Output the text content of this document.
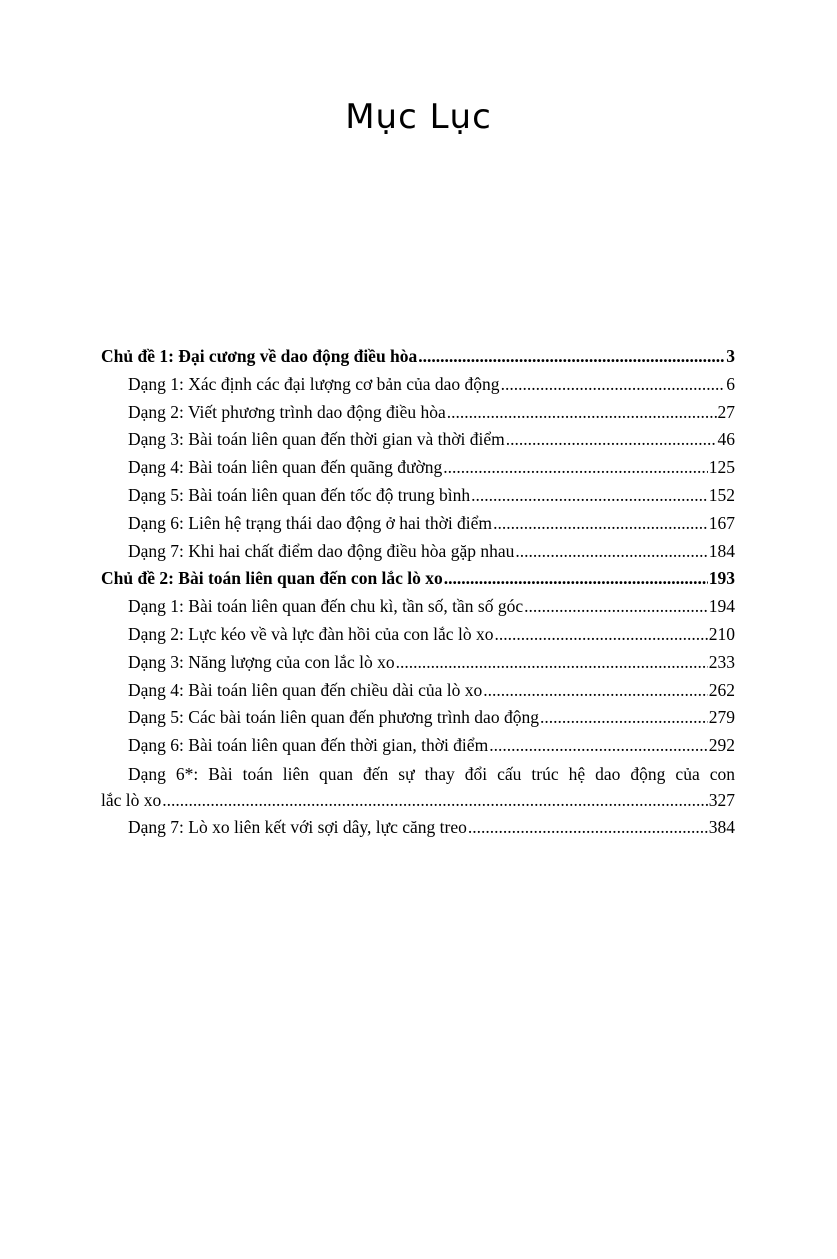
Mục Lục
Chủ đề 1: Đại cương về dao động điều hòa .....	3
Dạng 1: Xác định các đại lượng cơ bản của dao động .....	6
Dạng 2: Viết phương trình dao động điều hòa .....	27
Dạng 3: Bài toán liên quan đến thời gian và thời điểm .....	46
Dạng 4: Bài toán liên quan đến quãng đường .....	125
Dạng 5: Bài toán liên quan đến tốc độ trung bình .....	152
Dạng 6: Liên hệ trạng thái dao động ở hai thời điểm .....	167
Dạng 7: Khi hai chất điểm dao động điều hòa gặp nhau .....	184
Chủ đề 2: Bài toán liên quan đến con lắc lò xo .....	193
Dạng 1: Bài toán liên quan đến chu kì, tần số, tần số góc .....	194
Dạng 2: Lực kéo về và lực đàn hồi của con lắc lò xo .....	210
Dạng 3: Năng lượng của con lắc lò xo .....	233
Dạng 4: Bài toán liên quan đến chiều dài của lò xo .....	262
Dạng 5: Các bài toán liên quan đến phương trình dao động .....	279
Dạng 6: Bài toán liên quan đến thời gian, thời điểm .....	292
Dạng 6*: Bài toán liên quan đến sự thay đổi cấu trúc hệ dao động của con
lắc lò xo .....	327
Dạng 7: Lò xo liên kết với sợi dây, lực căng treo .....	384
